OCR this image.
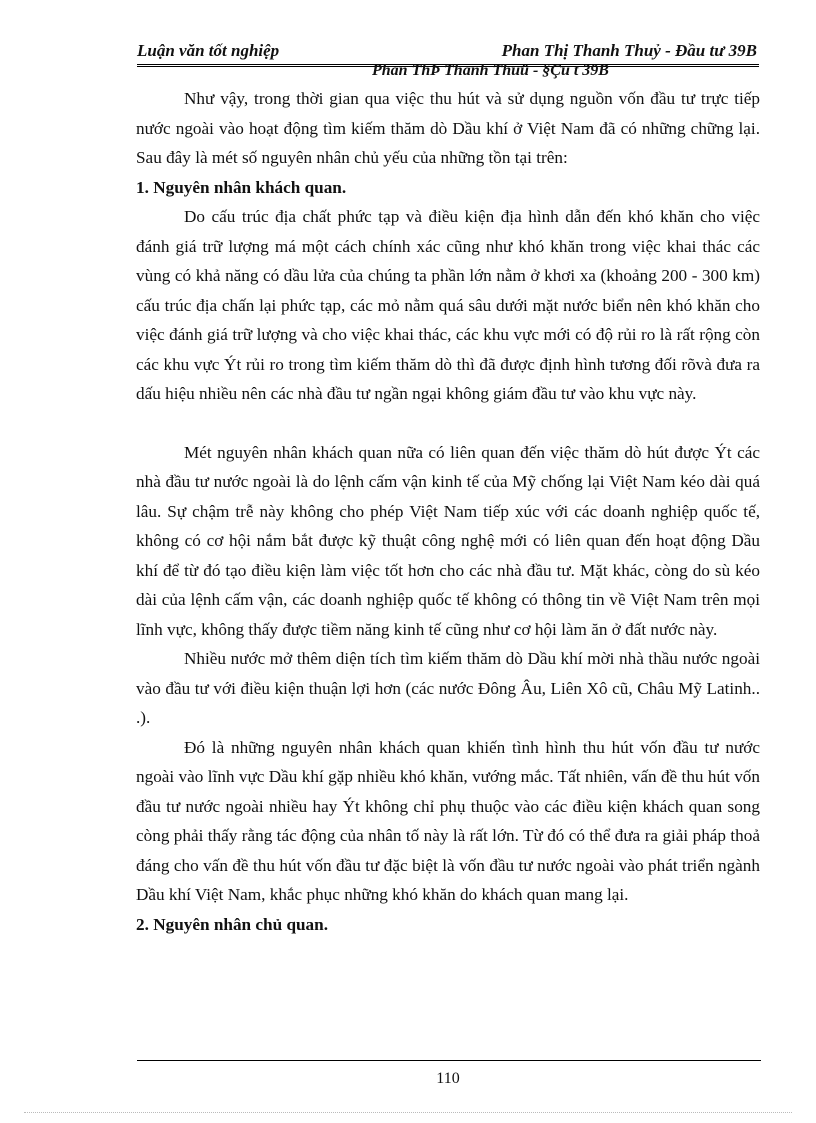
Luận văn tốt nghiệp	Phan Thị Thanh Thuỷ - Đầu tư 39B
Phan ThÞ Thanh Thuü - §Çu t 39B

Như vậy, trong thời gian qua việc thu hút và sử dụng nguồn vốn đầu tư trực tiếp nước ngoài vào hoạt động tìm kiếm thăm dò Dầu khí ở Việt Nam đã có những chững lại. Sau đây là mét số nguyên nhân chủ yếu của những tồn tại trên:

1. Nguyên nhân khách quan.

Do cấu trúc địa chất phức tạp và điều kiện địa hình dẫn đến khó khăn cho việc đánh giá trữ lượng má một cách chính xác cũng như khó khăn trong việc khai thác các vùng có khả năng có dầu lửa của chúng ta phần lớn nằm ở khơi xa (khoảng 200 - 300 km) cấu trúc địa chấn lại phức tạp, các mỏ nằm quá sâu dưới mặt nước biển nên khó khăn cho việc đánh giá trữ lượng và cho việc khai thác, các khu vực mới có độ rủi ro là rất rộng còn các khu vực Ýt rủi ro trong tìm kiếm thăm dò thì đã được định hình tương đối rõvà đưa ra dấu hiệu nhiều nên các nhà đầu tư ngần ngại không giám đầu tư vào khu vực này.

Mét nguyên nhân khách quan nữa có liên quan đến việc thăm dò hút được Ýt các nhà đầu tư nước ngoài là do lệnh cấm vận kinh tế của Mỹ chống lại Việt Nam kéo dài quá lâu. Sự chậm trễ này không cho phép Việt Nam tiếp xúc với các doanh nghiệp quốc tế, không có cơ hội nắm bắt được kỹ thuật công nghệ mới có liên quan đến hoạt động Dầu khí để từ đó tạo điều kiện làm việc tốt hơn cho các nhà đầu tư. Mặt khác, còng do sù kéo dài của lệnh cấm vận, các doanh nghiệp quốc tế không có thông tin về Việt Nam trên mọi lĩnh vực, không thấy được tiềm năng kinh tế cũng như cơ hội làm ăn ở đất nước này.

Nhiều nước mở thêm diện tích tìm kiếm thăm dò Dầu khí mời nhà thầu nước ngoài vào đầu tư với điều kiện thuận lợi hơn (các nước Đông Âu, Liên Xô cũ, Châu Mỹ Latinh.. .).

Đó là những nguyên nhân khách quan khiến tình hình thu hút vốn đầu tư nước ngoài vào lĩnh vực Dầu khí gặp nhiều khó khăn, vướng mắc. Tất nhiên, vấn đề thu hút vốn đầu tư nước ngoài nhiều hay Ýt không chỉ phụ thuộc vào các điều kiện khách quan song còng phải thấy rằng tác động của nhân tố này là rất lớn. Từ đó có thể đưa ra giải pháp thoả đáng cho vấn đề thu hút vốn đầu tư đặc biệt là vốn đầu tư nước ngoài vào phát triển ngành Dầu khí Việt Nam, khắc phục những khó khăn do khách quan mang lại.

2. Nguyên nhân chủ quan.
110
